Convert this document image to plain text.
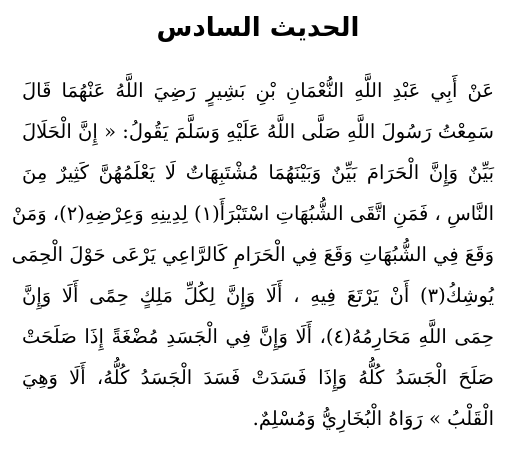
الحديث السادس
عَنْ أَبِي عَبْدِ اللَّهِ النُّعْمَانِ بْنِ بَشِيرٍ رَضِيَ اللَّهُ عَنْهُمَا قَالَ
سَمِعْتُ رَسُولَ اللَّهِ صَلَّى اللَّهُ عَلَيْهِ وَسَلَّمَ يَقُولُ: « إِنَّ الْحَلَالَ
بَيِّنٌ وَإِنَّ الْحَرَامَ بَيِّنٌ وَبَيْنَهُمَا مُشْتَبِهَاتٌ لَا يَعْلَمُهُنَّ كَثِيرٌ مِنَ
النَّاسِ ، فَمَنِ اتَّقَى الشُّبُهَاتِ اسْتَبْرَأَ(١) لِدِينِهِ وَعِرْضِهِ(٢)، وَمَنْ
وَقَعَ فِي الشُّبُهَاتِ وَقَعَ فِي الْحَرَامِ كَالرَّاعِي يَرْعَى حَوْلَ الْحِمَى
يُوشِكُ(٣) أَنْ يَرْتَعَ فِيهِ ، أَلَا وَإِنَّ لِكُلِّ مَلِكٍ حِمًى أَلَا وَإِنَّ
حِمَى اللَّهِ مَحَارِمُهُ(٤)، أَلَا وَإِنَّ فِي الْجَسَدِ مُضْغَةً إِذَا صَلَحَتْ
صَلَحَ الْجَسَدُ كُلُّهُ وَإِذَا فَسَدَتْ فَسَدَ الْجَسَدُ كُلُّهُ، أَلَا وَهِيَ
الْقَلْبُ » رَوَاهُ الْبُخَارِيُّ وَمُسْلِمٌ.
